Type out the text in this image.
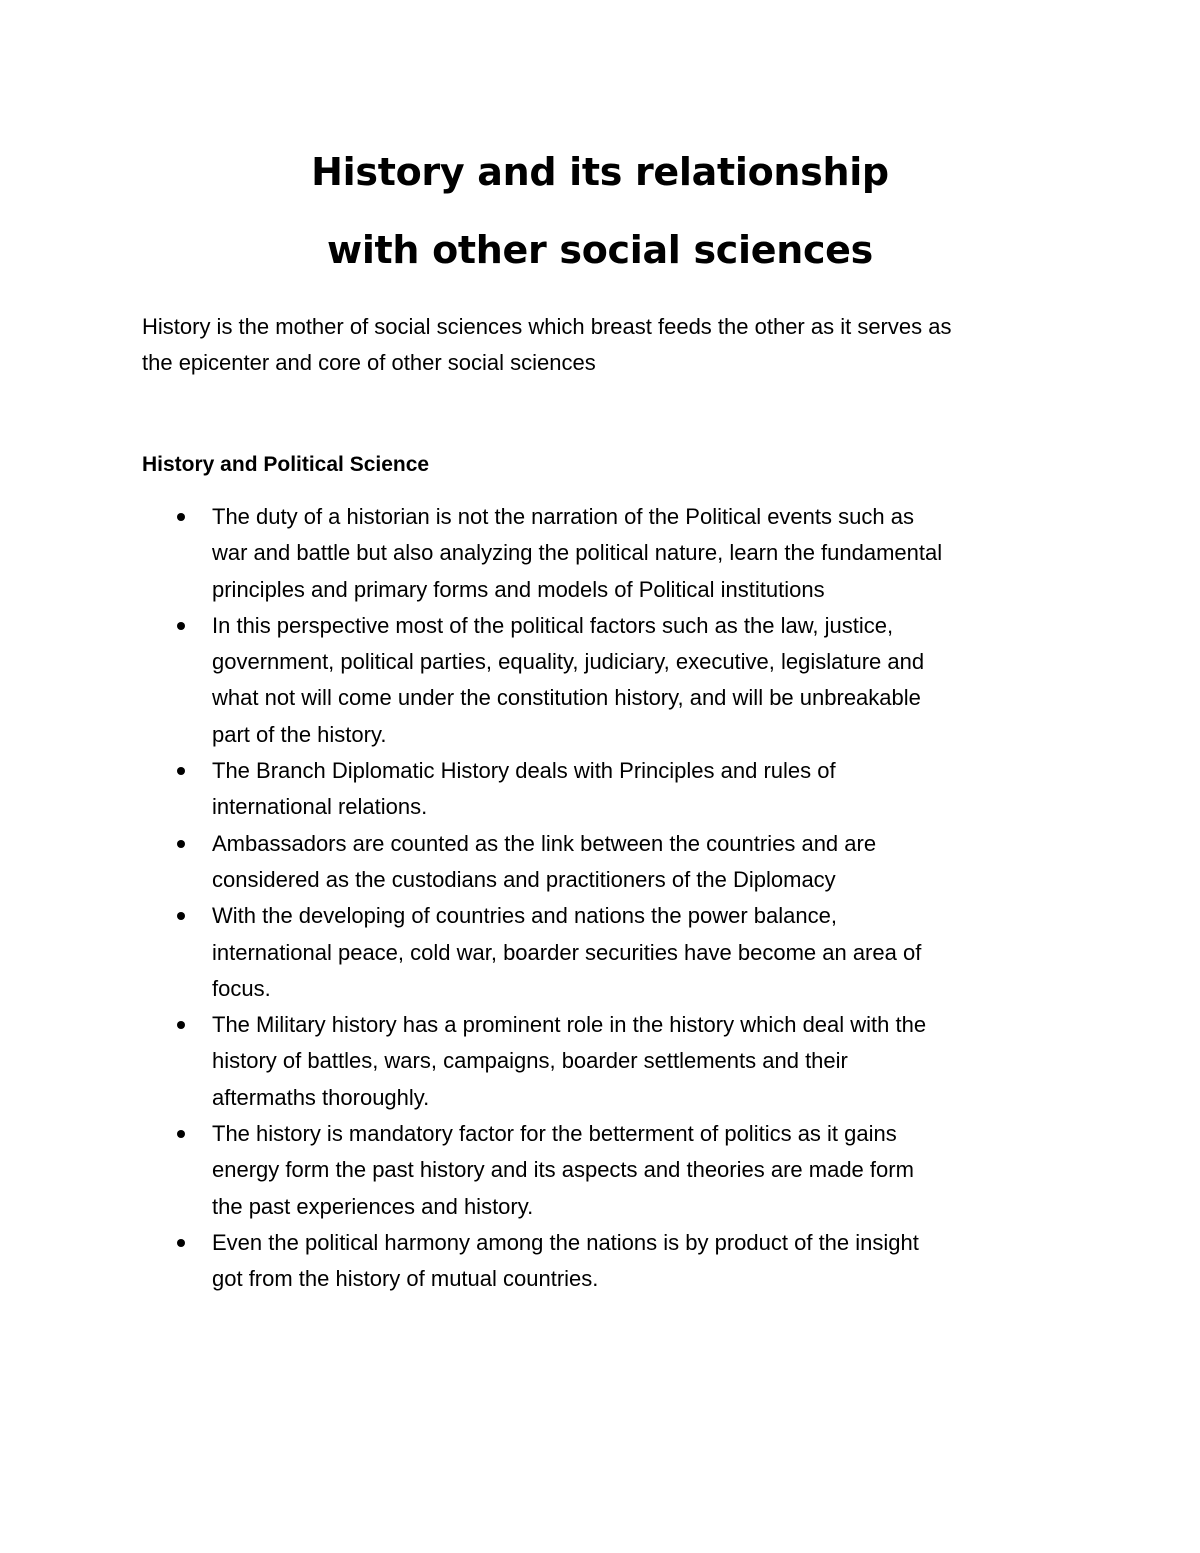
History and its relationship
with other social sciences
History is the mother of social sciences which breast feeds the other as it serves as
the epicenter and core of other social sciences
History and Political Science
The duty of a historian is not the narration of the Political events such as
war and battle but also analyzing the political nature, learn the fundamental
principles and primary forms and models of Political institutions
In this perspective most of the political factors such as the law, justice,
government, political parties, equality, judiciary, executive, legislature and
what not will come under the constitution history, and will be unbreakable
part of the history.
The Branch Diplomatic History deals with Principles and rules of
international relations.
Ambassadors are counted as the link between the countries and are
considered as the custodians and practitioners of the Diplomacy
With the developing of countries and nations the power balance,
international peace, cold war, boarder securities have become an area of
focus.
The Military history has a prominent role in the history which deal with the
history of battles, wars, campaigns, boarder settlements and their
aftermaths thoroughly.
The history is mandatory factor for the betterment of politics as it gains
energy form the past history and its aspects and theories are made form
the past experiences and history.
Even the political harmony among the nations is by product of the insight
got from the history of mutual countries.
